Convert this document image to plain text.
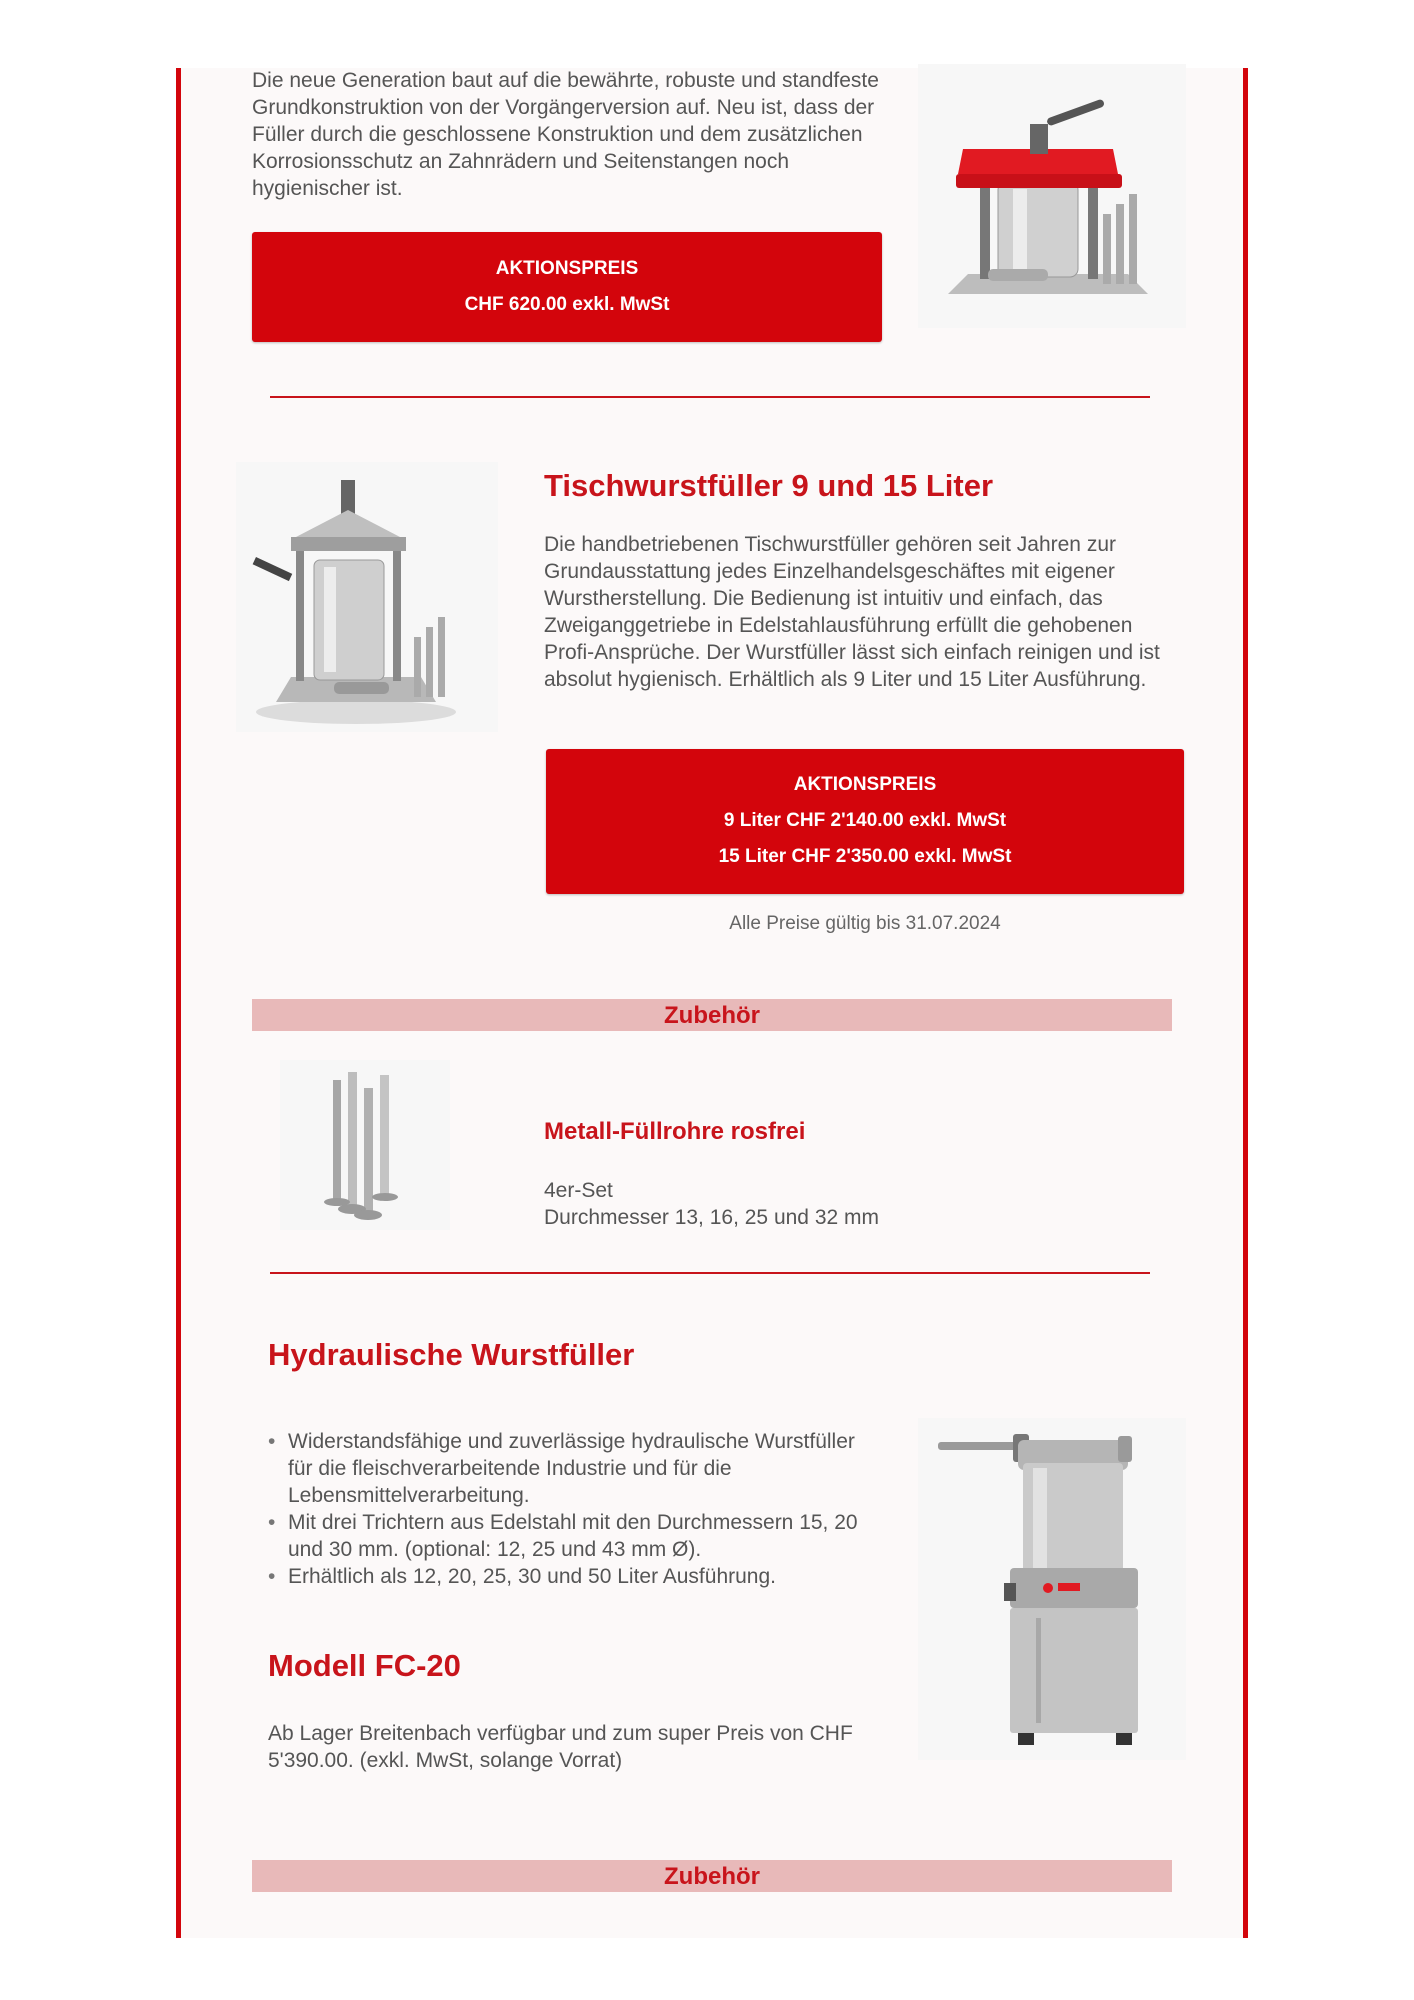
Die neue Generation baut auf die bewährte, robuste und standfeste Grundkonstruktion von der Vorgängerversion auf. Neu ist, dass der Füller durch die geschlossene Konstruktion und dem zusätzlichen Korrosionsschutz an Zahnrädern und Seitenstangen noch hygienischer ist.

AKTIONSPREIS
CHF 620.00 exkl. MwSt
Tischwurstfüller 9 und 15 Liter

Die handbetriebenen Tischwurstfüller gehören seit Jahren zur Grundausstattung jedes Einzelhandelsgeschäftes mit eigener Wurstherstellung. Die Bedienung ist intuitiv und einfach, das Zweiganggetriebe in Edelstahlausführung erfüllt die gehobenen Profi-Ansprüche. Der Wurstfüller lässt sich einfach reinigen und ist absolut hygienisch. Erhältlich als 9 Liter und 15 Liter Ausführung.

AKTIONSPREIS
9 Liter CHF 2'140.00 exkl. MwSt
15 Liter CHF 2'350.00 exkl. MwSt

Alle Preise gültig bis 31.07.2024

Zubehör
Metall-Füllrohre rosfrei

4er-Set

Durchmesser 13, 16, 25 und 32 mm

Hydraulische Wurstfüller
• Widerstandsfähige und zuverlässige hydraulische Wurstfüller für die fleischverarbeitende Industrie und für die Lebensmittelverarbeitung.
• Mit drei Trichtern aus Edelstahl mit den Durchmessern 15, 20 und 30 mm. (optional: 12, 25 und 43 mm Ø).
• Erhältlich als 12, 20, 25, 30 und 50 Liter Ausführung.
Modell FC-20

Ab Lager Breitenbach verfügbar und zum super Preis von CHF 5'390.00. (exkl. MwSt, solange Vorrat)

Zubehör
